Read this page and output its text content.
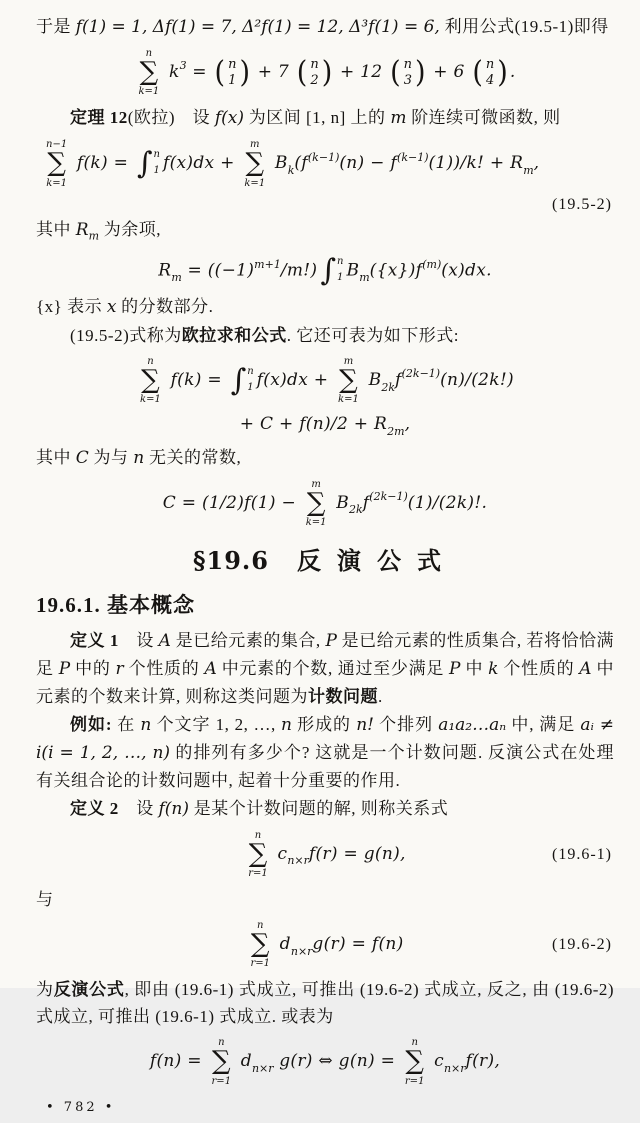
于是 f(1) = 1, Δf(1) = 7, Δ²f(1) = 12, Δ³f(1) = 6, 利用公式(19.5-1)即得

n
∑
k=1
$k^3$ = ( n
1 ) + 7 ( n
2 ) + 12 ( n
3 ) + 6 ( n
4 ) .

定理 12(欧拉)　设 f(x) 为区间 [1, n] 上的 m 阶连续可微函数, 则

n−1
∑
k=1
f(k) = ∫ n
1 f(x)dx +
m
∑
k=1
$B_k(f^{(k-1)}(n) - f^{(k-1)}(1))/k$! + $R_m$,
(19.5-2)

其中 $R_m$ 为余项,

$R_m = ((-1)^{m+1}/m!)$ ∫ n
1 $B_m(\{x\})f^{(m)}(x)dx$.

{x} 表示 x 的分数部分.

(19.5-2)式称为欧拉求和公式. 它还可表为如下形式:

n
∑
k=1
f(k) = ∫ n
1 f(x)dx +
m
∑
k=1
$B_{2k}f^{(2k-1)}(n)/(2k!)$
+ $C + f(n)/2 + R_{2m}$,

其中 C 为与 n 无关的常数,

C = (1/2)f(1) −
m
∑
k=1
$B_{2k}f^{(2k-1)}(1)/(2k)$!.
§19.6	反演公式
19.6.1. 基本概念

定义 1　设 A 是已给元素的集合, P 是已给元素的性质集合, 若将恰恰满足 P 中的 r 个性质的 A 中元素的个数, 通过至少满足 P 中 k 个性质的 A 中元素的个数来计算, 则称这类问题为计数问题.

例如: 在 n 个文字 1, 2, …, n 形成的 n! 个排列 a₁a₂…aₙ 中, 满足 aᵢ ≠ i(i = 1, 2, …, n) 的排列有多少个? 这就是一个计数问题. 反演公式在处理有关组合论的计数问题中, 起着十分重要的作用.

定义 2　设 f(n) 是某个计数问题的解, 则称关系式

n
∑
r=1
$c_{n\times r}f(r) = g(n)$,	(19.6-1)

与

n
∑
r=1
$d_{n\times r}g(r) = f(n)$	(19.6-2)

为反演公式, 即由 (19.6-1) 式成立, 可推出 (19.6-2) 式成立, 反之, 由 (19.6-2) 式成立, 可推出 (19.6-1) 式成立. 或表为

f(n) =
n
∑
r=1
$d_{n\times r}$ g(r) ⇔ g(n) =
n
∑
r=1
$c_{n\times r}f(r)$,
• 782 •
